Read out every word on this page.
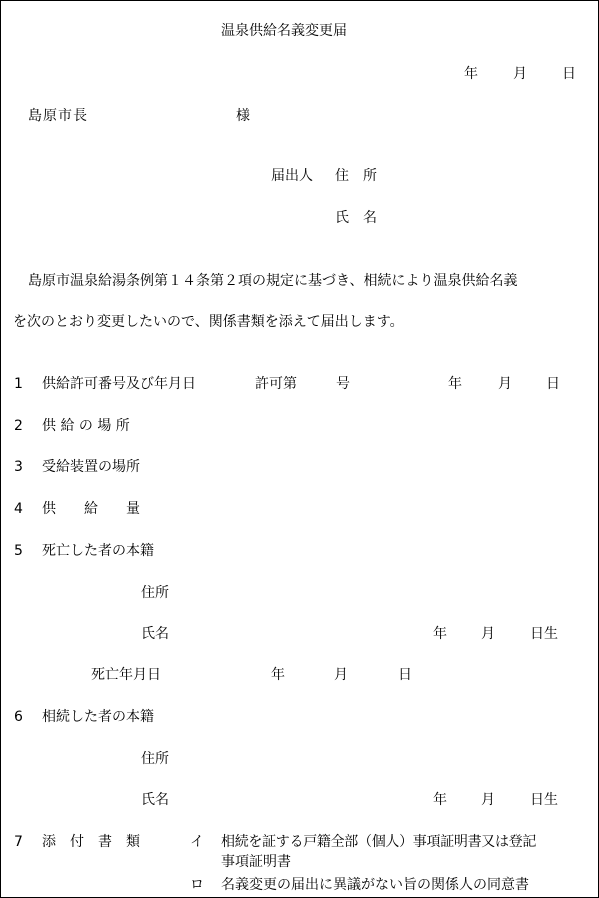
温泉供給名義変更届
年	月	日
島原市長	様
届出人 住　所
氏　名
島原市温泉給湯条例第１４条第２項の規定に基づき、相続により温泉供給名義
を次のとおり変更したいので、関係書類を添えて届出します。
1 供給許可番号及び年月日	許可第	号	年	月 日
2 供 給 の 場 所
3 受給装置の場所
4 供　　給　　量
5 死亡した者の本籍
住所
氏名	年 月	日生
死亡年月日	年	月	日
6 相続した者の本籍
住所
氏名	年 月	日生
7 添　付　書　類	イ 相続を証する戸籍全部（個人）事項証明書又は登記
事項証明書
ロ 名義変更の届出に異議がない旨の関係人の同意書
